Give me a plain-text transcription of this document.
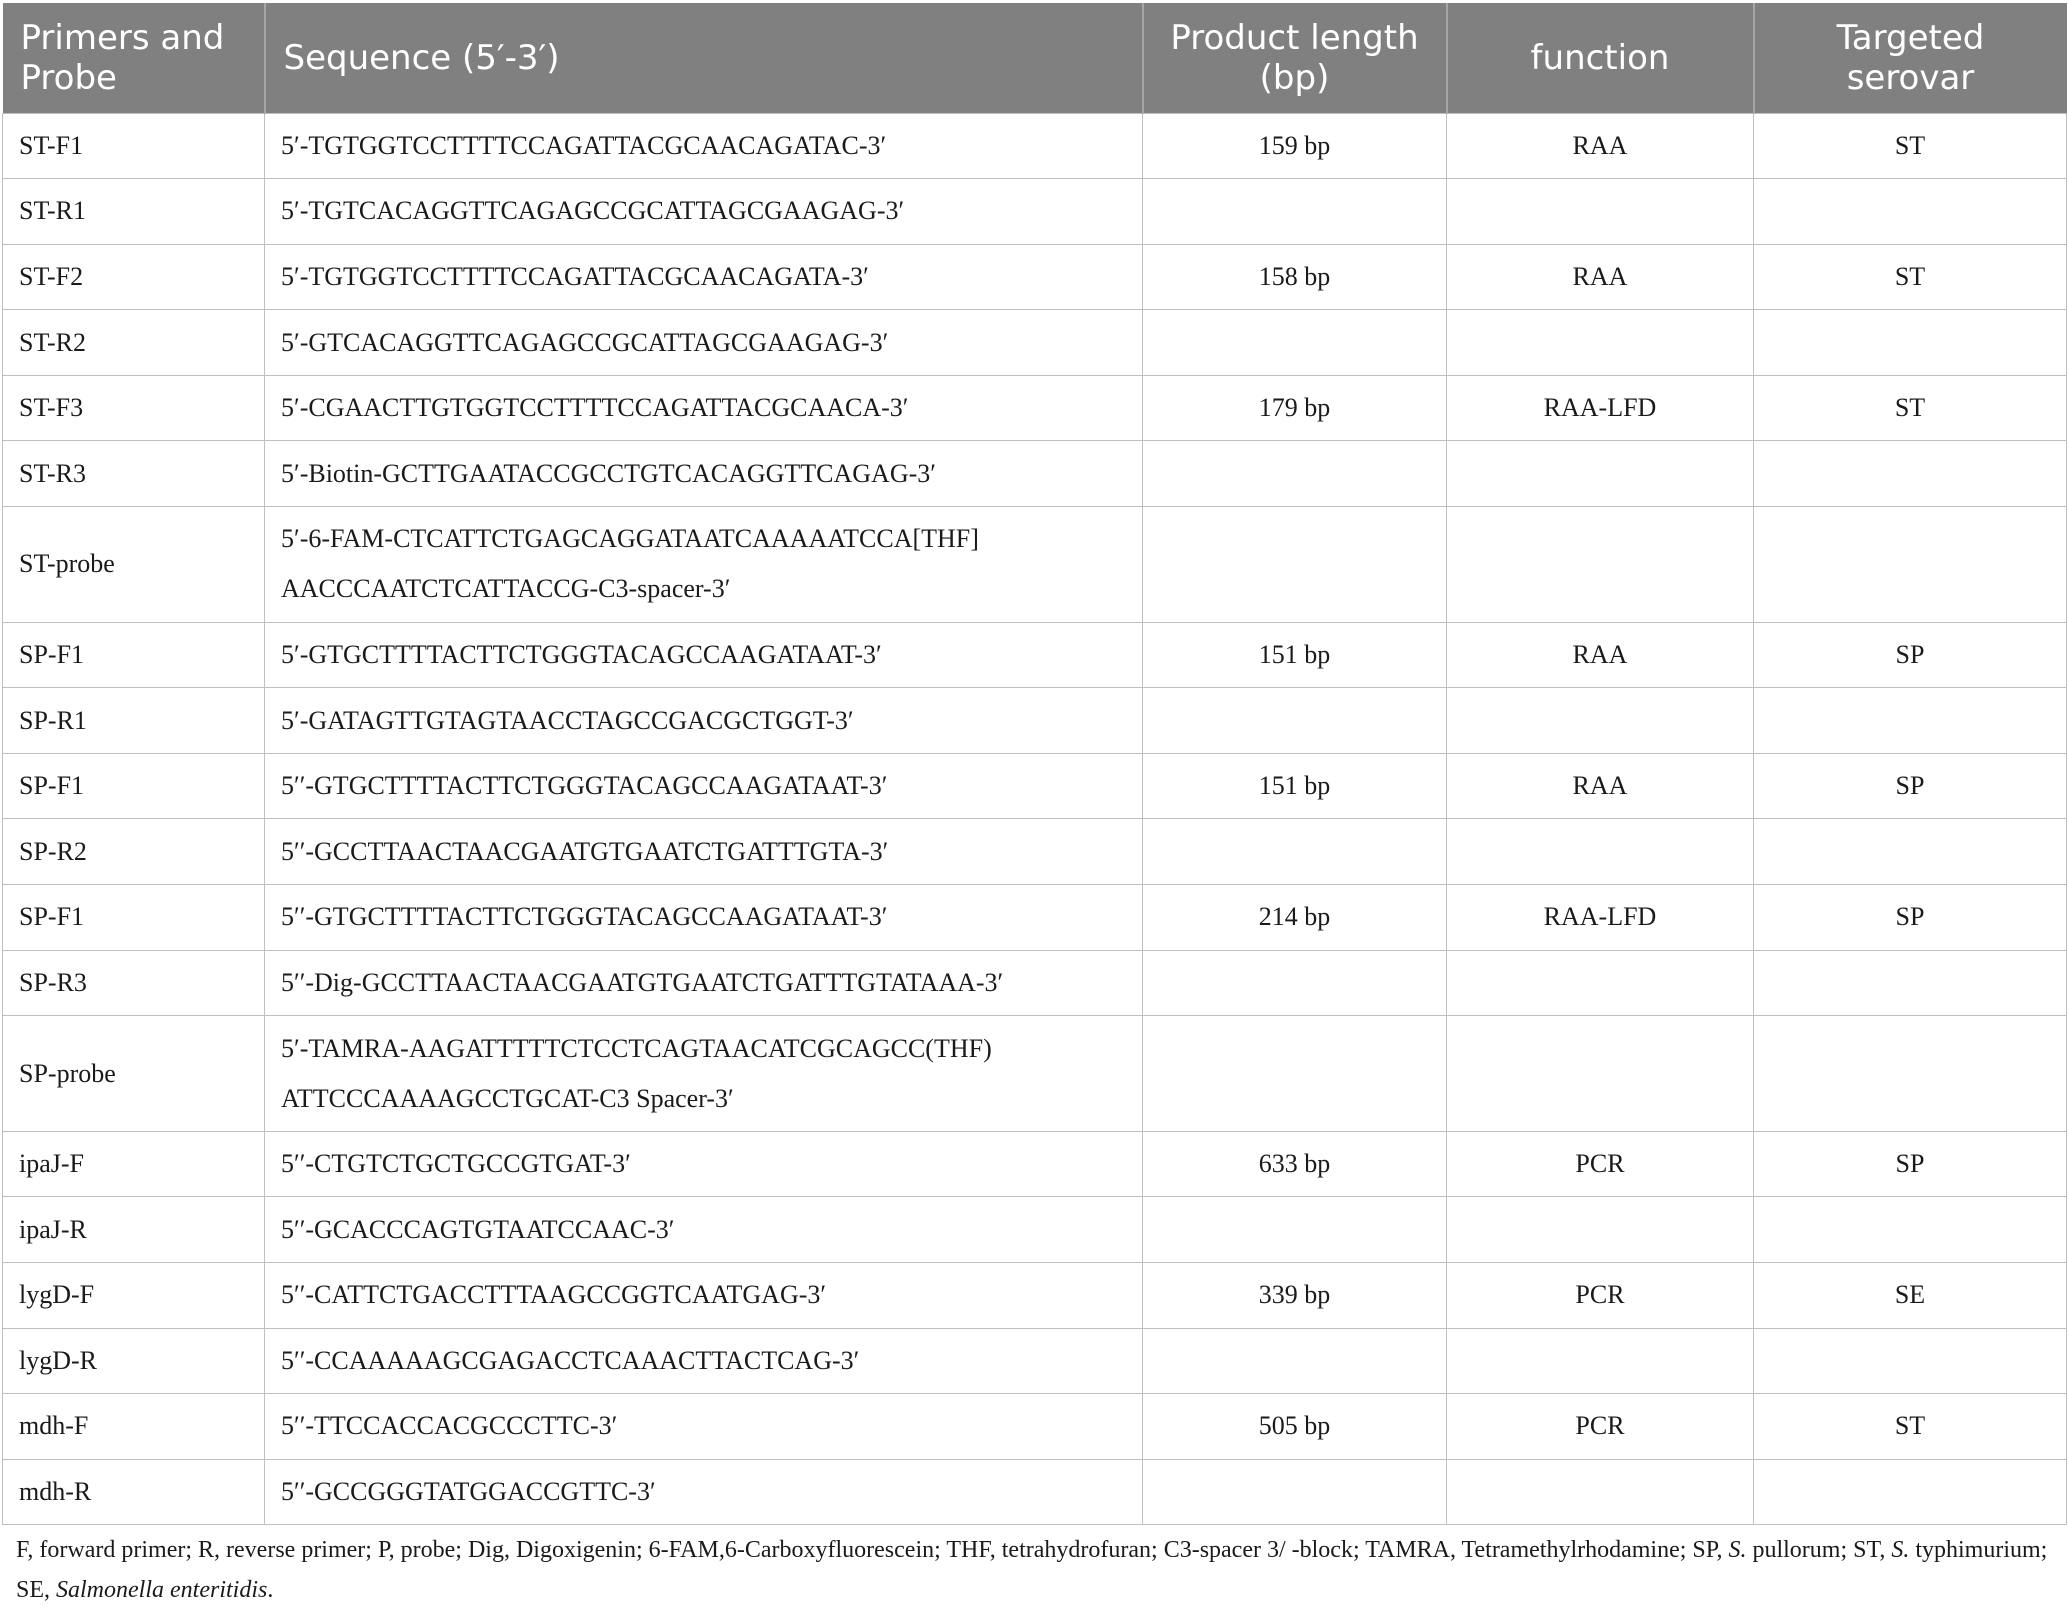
Primers and Probe	Sequence (5′-3′)	Product length (bp)	function	Targeted serovar
ST-F1	5′-TGTGGTCCTTTTCCAGATTACGCAACAGATAC-3′	159 bp	RAA	ST
ST-R1	5′-TGTCACAGGTTCAGAGCCGCATTAGCGAAGAG-3′			
ST-F2	5′-TGTGGTCCTTTTCCAGATTACGCAACAGATA-3′	158 bp	RAA	ST
ST-R2	5′-GTCACAGGTTCAGAGCCGCATTAGCGAAGAG-3′			
ST-F3	5′-CGAACTTGTGGTCCTTTTCCAGATTACGCAACA-3′	179 bp	RAA-LFD	ST
ST-R3	5′-Biotin-GCTTGAATACCGCCTGTCACAGGTTCAGAG-3′			
ST-probe	5′-6-FAM-CTCATTCTGAGCAGGATAATCAAAAATCCA[THF]
AACCCAATCTCATTACCG-C3-spacer-3′			

SP-F1	5′-GTGCTTTTACTTCTGGGTACAGCCAAGATAAT-3′	151 bp	RAA	SP
SP-R1	5′-GATAGTTGTAGTAACCTAGCCGACGCTGGT-3′			
SP-F1	5′′-GTGCTTTTACTTCTGGGTACAGCCAAGATAAT-3′	151 bp	RAA	SP
SP-R2	5′′-GCCTTAACTAACGAATGTGAATCTGATTTGTA-3′			
SP-F1	5′′-GTGCTTTTACTTCTGGGTACAGCCAAGATAAT-3′	214 bp	RAA-LFD	SP
SP-R3	5′′-Dig-GCCTTAACTAACGAATGTGAATCTGATTTGTATAAA-3′			
SP-probe	5′-TAMRA-AAGATTTTTCTCCTCAGTAACATCGCAGCC(THF)
ATTCCCAAAAGCCTGCAT-C3 Spacer-3′			

ipaJ-F	5′′-CTGTCTGCTGCCGTGAT-3′	633 bp	PCR	SP
ipaJ-R	5′′-GCACCCAGTGTAATCCAAC-3′			
lygD-F	5′′-CATTCTGACCTTTAAGCCGGTCAATGAG-3′	339 bp	PCR	SE
lygD-R	5′′-CCAAAAAGCGAGACCTCAAACTTACTCAG-3′			
mdh-F	5′′-TTCCACCACGCCCTTC-3′	505 bp	PCR	ST
mdh-R	5′′-GCCGGGTATGGACCGTTC-3′			
F, forward primer; R, reverse primer; P, probe; Dig, Digoxigenin; 6-FAM,6-Carboxyfluorescein; THF, tetrahydrofuran; C3-spacer 3/ -block; TAMRA, Tetramethylrhodamine; SP, S. pullorum; ST, S. typhimurium; SE, Salmonella enteritidis.
